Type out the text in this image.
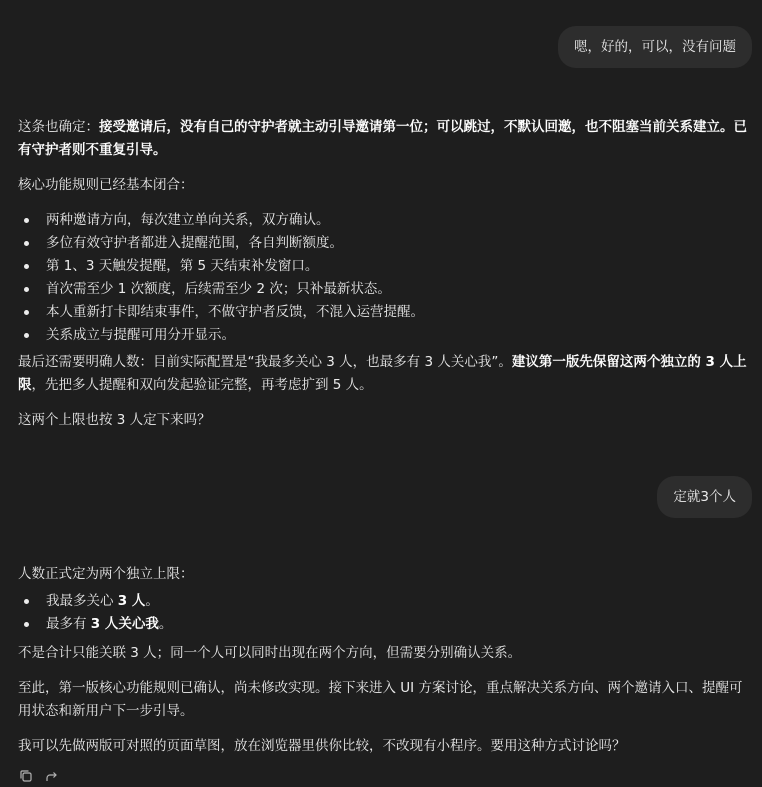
嗯，好的，可以，没有问题

这条也确定：接受邀请后，没有自己的守护者就主动引导邀请第一位；可以跳过，不默认回邀，也不阻塞当前关系建立。已有守护者则不重复引导。

核心功能规则已经基本闭合：

两种邀请方向，每次建立单向关系，双方确认。
多位有效守护者都进入提醒范围，各自判断额度。
第 1、3 天触发提醒，第 5 天结束补发窗口。
首次需至少 1 次额度，后续需至少 2 次；只补最新状态。
本人重新打卡即结束事件，不做守护者反馈，不混入运营提醒。
关系成立与提醒可用分开显示。

最后还需要明确人数：目前实际配置是“我最多关心 3 人，也最多有 3 人关心我”。建议第一版先保留这两个独立的 3 人上限，先把多人提醒和双向发起验证完整，再考虑扩到 5 人。

这两个上限也按 3 人定下来吗？

定就3个人

人数正式定为两个独立上限：

我最多关心 3 人。
最多有 3 人关心我。

不是合计只能关联 3 人；同一个人可以同时出现在两个方向，但需要分别确认关系。

至此，第一版核心功能规则已确认，尚未修改实现。接下来进入 UI 方案讨论，重点解决关系方向、两个邀请入口、提醒可用状态和新用户下一步引导。

我可以先做两版可对照的页面草图，放在浏览器里供你比较，不改现有小程序。要用这种方式讨论吗？
